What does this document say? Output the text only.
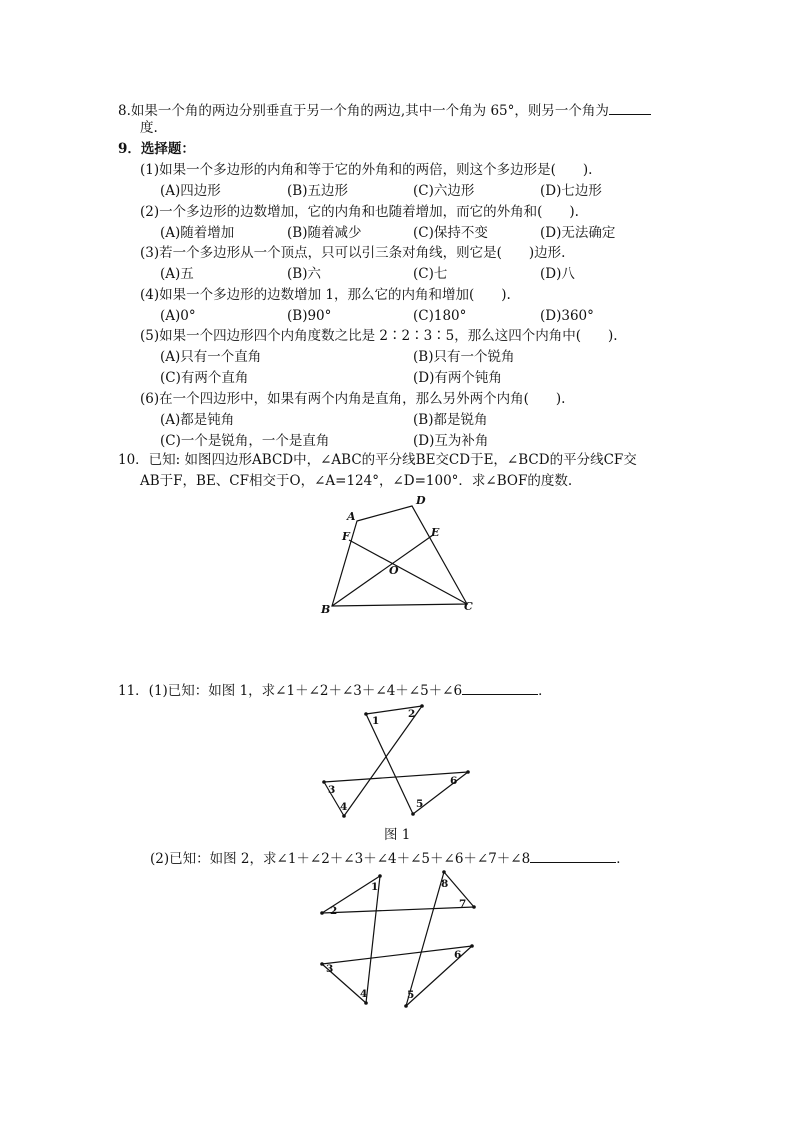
8.如果一个角的两边分别垂直于另一个角的两边,其中一个角为 65°，则另一个角为
度.
9．选择题：
(1)如果一个多边形的内角和等于它的外角和的两倍，则这个多边形是(　　).
(A)四边形	(B)五边形	(C)六边形	(D)七边形
(2)一个多边形的边数增加，它的内角和也随着增加，而它的外角和(　　).
(A)随着增加	(B)随着减少	(C)保持不变	(D)无法确定
(3)若一个多边形从一个顶点，只可以引三条对角线，则它是(　　)边形.
(A)五	(B)六	(C)七	(D)八
(4)如果一个多边形的边数增加 1，那么它的内角和增加(　　).
(A)0°	(B)90°	(C)180°	(D)360°
(5)如果一个四边形四个内角度数之比是 2∶2∶3∶5，那么这四个内角中(　　).
(A)只有一个直角	(B)只有一个锐角
(C)有两个直角	(D)有两个钝角
(6)在一个四边形中，如果有两个内角是直角，那么另外两个内角(　　).
(A)都是钝角	(B)都是锐角
(C)一个是锐角，一个是直角	(D)互为补角
10．已知: 如图四边形ABCD中，∠ABC的平分线BE交CD于E，∠BCD的平分线CF交
AB于F，BE、CF相交于O，∠A=124°，∠D=100°．求∠BOF的度数.
A
D
F	E
O
B	C
11．(1)已知：如图 1，求∠1＋∠2＋∠3＋∠4＋∠5＋∠6	．
1
2
3
4	5
6
图 1
(2)已知：如图 2，求∠1＋∠2＋∠3＋∠4＋∠5＋∠6＋∠7＋∠8	．
1
2
3
4	5
6
7
8
